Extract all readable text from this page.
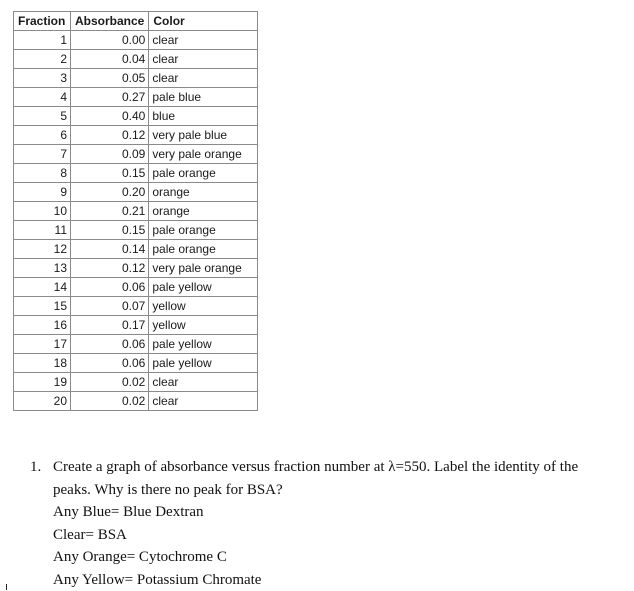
Fraction	Absorbance	Color
1	0.00	clear
2	0.04	clear
3	0.05	clear
4	0.27	pale blue
5	0.40	blue
6	0.12	very pale blue
7	0.09	very pale orange
8	0.15	pale orange
9	0.20	orange
10	0.21	orange
11	0.15	pale orange
12	0.14	pale orange
13	0.12	very pale orange
14	0.06	pale yellow
15	0.07	yellow
16	0.17	yellow
17	0.06	pale yellow
18	0.06	pale yellow
19	0.02	clear
20	0.02	clear
1. Create a graph of absorbance versus fraction number at λ=550. Label the identity of the
peaks. Why is there no peak for BSA?
Any Blue= Blue Dextran
Clear= BSA
Any Orange= Cytochrome C
Any Yellow= Potassium Chromate
